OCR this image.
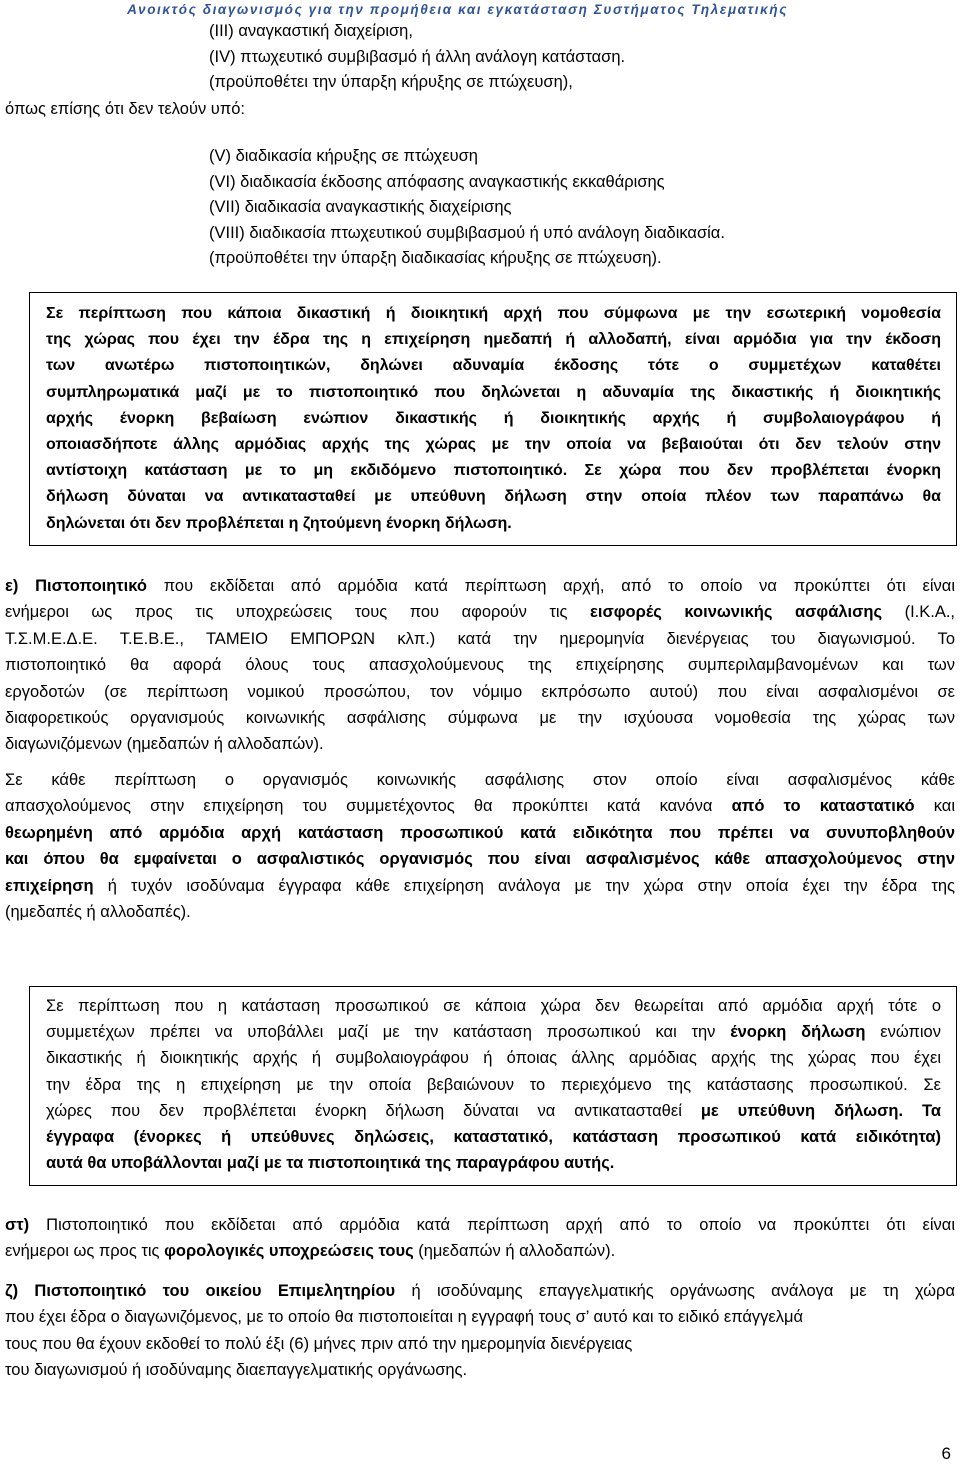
Ανοικτός διαγωνισμός για την προμήθεια και εγκατάσταση Συστήματος Τηλεματικής
(ΙΙΙ) αναγκαστική διαχείριση,
(ΙV) πτωχευτικό συμβιβασμό ή άλλη ανάλογη κατάσταση.
(προϋποθέτει την ύπαρξη κήρυξης σε πτώχευση),
όπως επίσης ότι δεν τελούν υπό:
(V) διαδικασία κήρυξης σε πτώχευση
(VΙ) διαδικασία έκδοσης απόφασης αναγκαστικής εκκαθάρισης
(VΙΙ) διαδικασία αναγκαστικής διαχείρισης
(VΙΙΙ) διαδικασία πτωχευτικού συμβιβασμού ή υπό ανάλογη διαδικασία.
(προϋποθέτει την ύπαρξη διαδικασίας κήρυξης σε πτώχευση).
Σε περίπτωση που κάποια δικαστική ή διοικητική αρχή που σύμφωνα με την εσωτερική νομοθεσία
της χώρας που έχει την έδρα της η επιχείρηση ημεδαπή ή αλλοδαπή, είναι αρμόδια για την έκδοση
των ανωτέρω πιστοποιητικών, δηλώνει αδυναμία έκδοσης τότε ο συμμετέχων καταθέτει
συμπληρωματικά μαζί με το πιστοποιητικό που δηλώνεται η αδυναμία της δικαστικής ή διοικητικής
αρχής ένορκη βεβαίωση ενώπιον δικαστικής ή διοικητικής αρχής ή συμβολαιογράφου ή
οποιασδήποτε άλλης αρμόδιας αρχής της χώρας με την οποία να βεβαιούται ότι δεν τελούν στην
αντίστοιχη κατάσταση με το μη εκδιδόμενο πιστοποιητικό. Σε χώρα που δεν προβλέπεται ένορκη
δήλωση δύναται να αντικατασταθεί με υπεύθυνη δήλωση στην οποία πλέον των παραπάνω θα
δηλώνεται ότι δεν προβλέπεται η ζητούμενη ένορκη δήλωση.
ε) Πιστοποιητικό που εκδίδεται από αρμόδια κατά περίπτωση αρχή, από το οποίο να προκύπτει ότι είναι
ενήμεροι ως προς τις υποχρεώσεις τους που αφορούν τις εισφορές κοινωνικής ασφάλισης (Ι.Κ.Α.,
Τ.Σ.Μ.Ε.Δ.Ε. Τ.Ε.Β.Ε., ΤΑΜΕΙΟ ΕΜΠΟΡΩΝ κλπ.) κατά την ημερομηνία διενέργειας του διαγωνισμού. Το
πιστοποιητικό θα αφορά όλους τους απασχολούμενους της επιχείρησης συμπεριλαμβανομένων και των
εργοδοτών (σε περίπτωση νομικού προσώπου, τον νόμιμο εκπρόσωπο αυτού) που είναι ασφαλισμένοι σε
διαφορετικούς οργανισμούς κοινωνικής ασφάλισης σύμφωνα με την ισχύουσα νομοθεσία της χώρας των
διαγωνιζόμενων (ημεδαπών ή αλλοδαπών).
Σε κάθε περίπτωση ο οργανισμός κοινωνικής ασφάλισης στον οποίο είναι ασφαλισμένος κάθε
απασχολούμενος στην επιχείρηση του συμμετέχοντος θα προκύπτει κατά κανόνα από το καταστατικό και
θεωρημένη από αρμόδια αρχή κατάσταση προσωπικού κατά ειδικότητα που πρέπει να συνυποβληθούν
και όπου θα εμφαίνεται ο ασφαλιστικός οργανισμός που είναι ασφαλισμένος κάθε απασχολούμενος στην
επιχείρηση ή τυχόν ισοδύναμα έγγραφα κάθε επιχείρηση ανάλογα με την χώρα στην οποία έχει την έδρα της
(ημεδαπές ή αλλοδαπές).
Σε περίπτωση που η κατάσταση προσωπικού σε κάποια χώρα δεν θεωρείται από αρμόδια αρχή τότε ο
συμμετέχων πρέπει να υποβάλλει μαζί με την κατάσταση προσωπικού και την ένορκη δήλωση ενώπιον
δικαστικής ή διοικητικής αρχής ή συμβολαιογράφου ή όποιας άλλης αρμόδιας αρχής της χώρας που έχει
την έδρα της η επιχείρηση με την οποία βεβαιώνουν το περιεχόμενο της κατάστασης προσωπικού. Σε
χώρες που δεν προβλέπεται ένορκη δήλωση δύναται να αντικατασταθεί με υπεύθυνη δήλωση. Τα
έγγραφα (ένορκες ή υπεύθυνες δηλώσεις, καταστατικό, κατάσταση προσωπικού κατά ειδικότητα)
αυτά θα υποβάλλονται μαζί με τα πιστοποιητικά της παραγράφου αυτής.
στ) Πιστοποιητικό που εκδίδεται από αρμόδια κατά περίπτωση αρχή από το οποίο να προκύπτει ότι είναι
ενήμεροι ως προς τις φορολογικές υποχρεώσεις τους (ημεδαπών ή αλλοδαπών).
ζ) Πιστοποιητικό του οικείου Επιμελητηρίου ή ισοδύναμης επαγγελματικής οργάνωσης ανάλογα με τη χώρα
που έχει έδρα ο διαγωνιζόμενος, με το οποίο θα πιστοποιείται η εγγραφή τους σ’ αυτό και το ειδικό επάγγελμά
τους που θα έχουν εκδοθεί το πολύ έξι (6) μήνες πριν από την ημερομηνία διενέργειας
του διαγωνισμού ή ισοδύναμης διαεπαγγελματικής οργάνωσης.
6
